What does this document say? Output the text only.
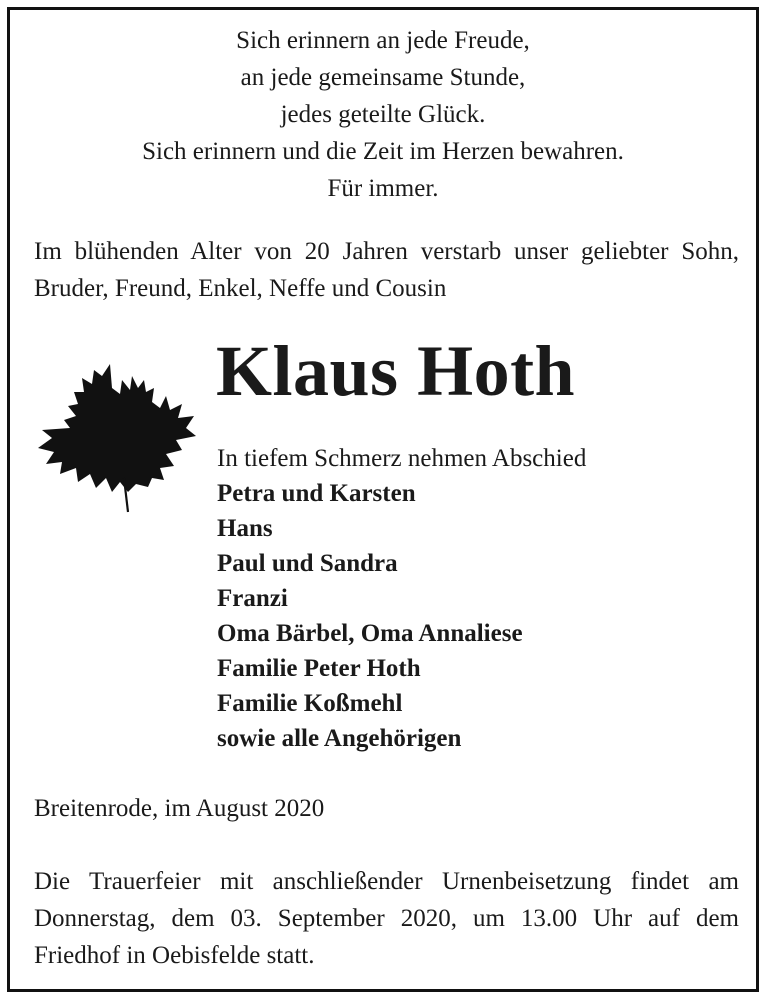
Sich erinnern an jede Freude,
an jede gemeinsame Stunde,
jedes geteilte Glück.
Sich erinnern und die Zeit im Herzen bewahren.
Für immer.
Im blühenden Alter von 20 Jahren verstarb unser geliebter Sohn, Bruder, Freund, Enkel, Neffe und Cousin
Klaus Hoth
In tiefem Schmerz nehmen Abschied
Petra und Karsten
Hans
Paul und Sandra
Franzi
Oma Bärbel, Oma Annaliese
Familie Peter Hoth
Familie Koßmehl
sowie alle Angehörigen
Breitenrode, im August 2020
Die Trauerfeier mit anschließender Urnenbeisetzung findet am Donnerstag, dem 03. September 2020, um 13.00 Uhr auf dem Friedhof in Oebisfelde statt.
